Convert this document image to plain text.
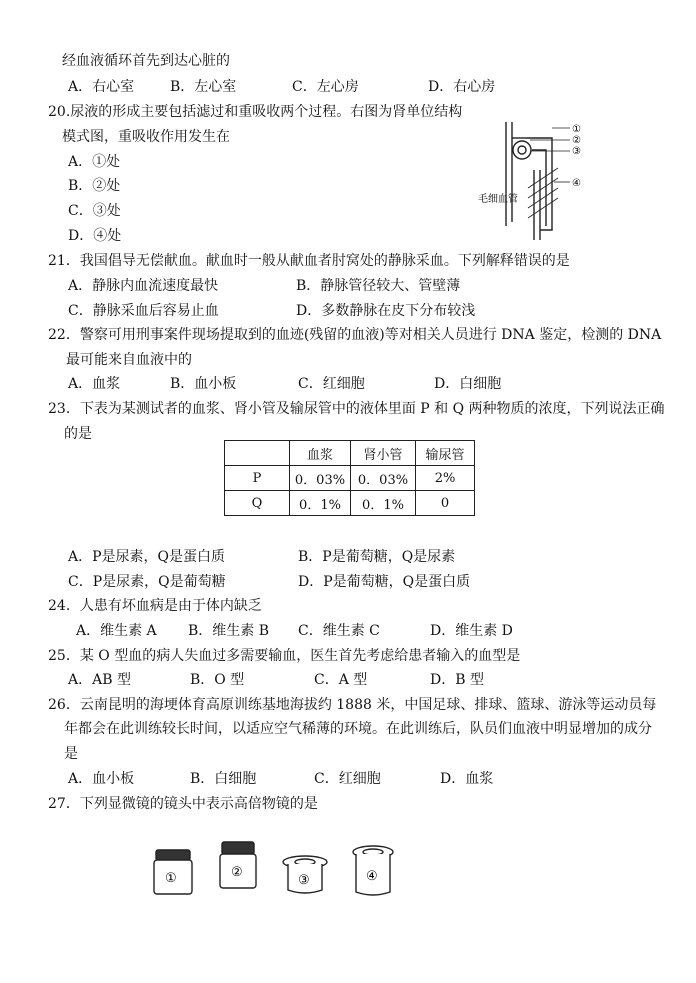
经血液循环首先到达心脏的
A．右心室	B．左心室	C．左心房	D．右心房
20.尿液的形成主要包括滤过和重吸收两个过程。右图为肾单位结构
模式图，重吸收作用发生在
A．①处
B．②处
C．③处
D．④处
①
②
③
④
毛细血管
21．我国倡导无偿献血。献血时一般从献血者肘窝处的静脉采血。下列解释错误的是
A．静脉内血流速度最快	B．静脉管径较大、管壁薄
C．静脉采血后容易止血	D．多数静脉在皮下分布较浅
22．警察可用刑事案件现场提取到的血迹(残留的血液)等对相关人员进行 DNA 鉴定，检测的 DNA
最可能来自血液中的
A．血浆	B．血小板	C．红细胞	D．白细胞
23．下表为某测试者的血浆、肾小管及输尿管中的液体里面 P 和 Q 两种物质的浓度，下列说法正确
的是
	血浆	肾小管	输尿管
P	0．03%	0．03%	2%
Q	0．1%	0．1%	0
A．P是尿素，Q是蛋白质	B．P是葡萄糖，Q是尿素
C．P是尿素，Q是葡萄糖	D．P是葡萄糖，Q是蛋白质
24．人患有坏血病是由于体内缺乏
A．维生素 A B．维生素 B C．维生素 C	D．维生素 D
25．某 O 型血的病人失血过多需要输血，医生首先考虑给患者输入的血型是
A．AB 型	B．O 型	C．A 型	D．B 型
26．云南昆明的海埂体育高原训练基地海拔约 1888 米，中国足球、排球、篮球、游泳等运动员每
年都会在此训练较长时间，以适应空气稀薄的环境。在此训练后，队员们血液中明显增加的成分
是
A．血小板	B．白细胞	C．红细胞	D．血浆
27．下列显微镜的镜头中表示高倍物镜的是
①	②
③	④
